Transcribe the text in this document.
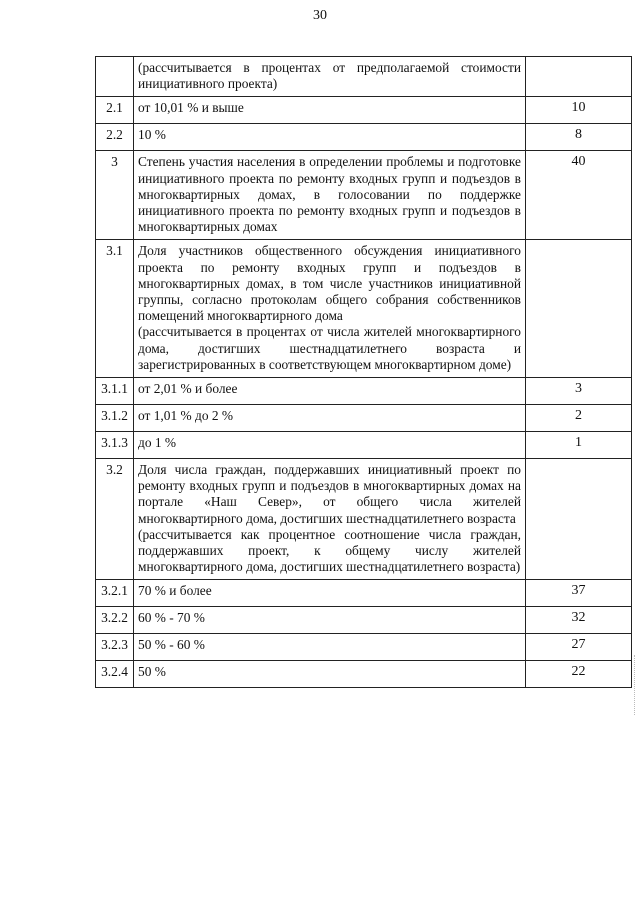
30

	(рассчитывается в процентах от предполагаемой стоимости инициативного проекта)	

2.1	от 10,01 % и выше	10
2.2	10 %	8
3	Степень участия населения в определении проблемы и подготовке инициативного проекта по ремонту входных групп и подъездов в многоквартирных домах, в голосовании по поддержке инициативного проекта по ремонту входных групп и подъездов в многоквартирных домах	40
3.1	Доля участников общественного обсуждения инициативного проекта по ремонту входных групп и подъездов в многоквартирных домах, в том числе участников инициативной группы, согласно протоколам общего собрания собственников помещений многоквартирного дома
(рассчитывается в процентах от числа жителей многоквартирного дома, достигших шестнадцатилетнего возраста и зарегистрированных в соответствующем многоквартирном доме)	

3.1.1	от 2,01 % и более	3
3.1.2	от 1,01 % до 2 %	2
3.1.3	до 1 %	1
3.2	Доля числа граждан, поддержавших инициативный проект по ремонту входных групп и подъездов в многоквартирных домах на портале «Наш Север», от общего числа жителей многоквартирного дома, достигших шестнадцатилетнего возраста
(рассчитывается как процентное соотношение числа граждан, поддержавших проект, к общему числу жителей многоквартирного дома, достигших шестнадцатилетнего возраста)	

3.2.1	70 % и более	37
3.2.2	60 % - 70 %	32
3.2.3	50 % - 60 %	27
3.2.4	50 %	22
